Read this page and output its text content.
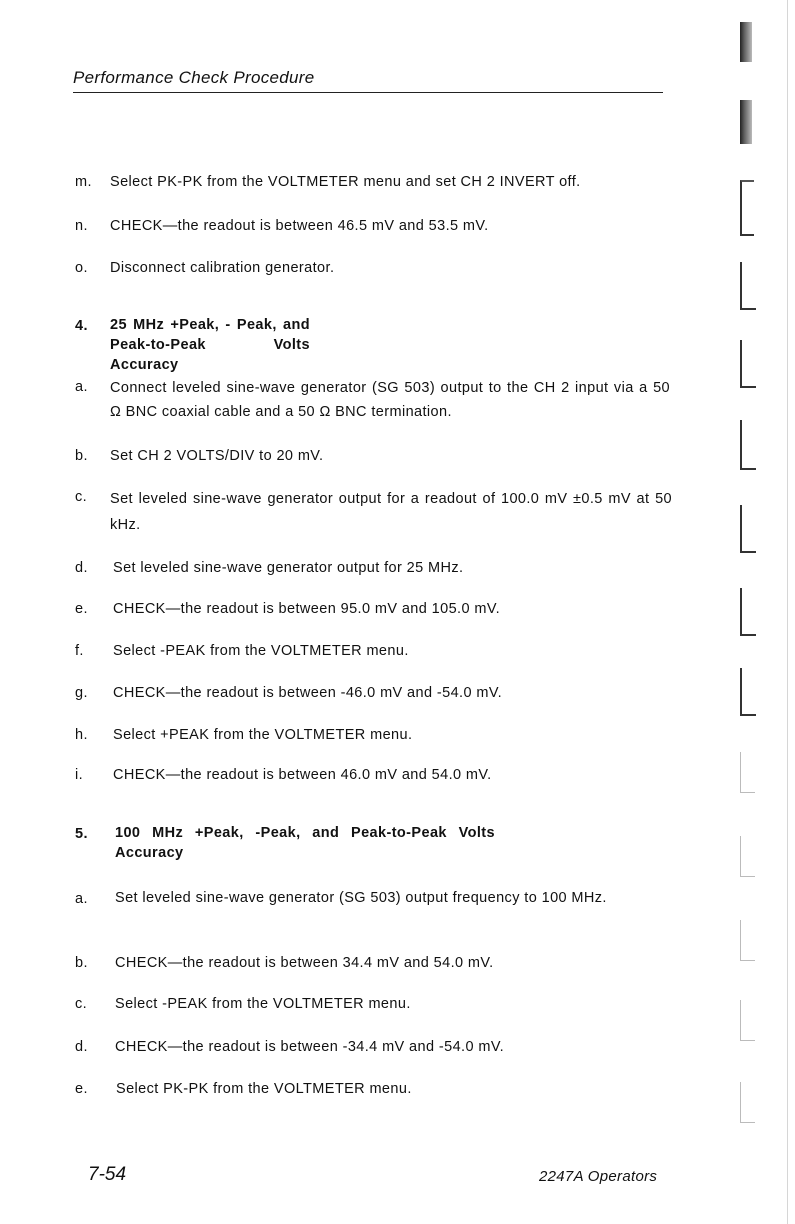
Performance Check Procedure
m.	Select PK-PK from the VOLTMETER menu and set CH 2 INVERT off.
n.	CHECK—the readout is between 46.5 mV and 53.5 mV.
o.	Disconnect calibration generator.
4.	25 MHz +Peak, - Peak, and Peak-to-Peak Volts Accuracy
a.	Connect leveled sine-wave generator (SG 503) output to the CH 2 input via a 50 Ω BNC coaxial cable and a 50 Ω BNC termination.
b.	Set CH 2 VOLTS/DIV to 20 mV.
c.	Set leveled sine-wave generator output for a readout of 100.0 mV ±0.5 mV at 50 kHz.
d.	Set leveled sine-wave generator output for 25 MHz.
e.	CHECK—the readout is between 95.0 mV and 105.0 mV.
f.	Select -PEAK from the VOLTMETER menu.
g.	CHECK—the readout is between -46.0 mV and -54.0 mV.
h.	Select +PEAK from the VOLTMETER menu.
i.	CHECK—the readout is between 46.0 mV and 54.0 mV.
5.	100 MHz +Peak, -Peak, and Peak-to-Peak Volts Accuracy
a.	Set leveled sine-wave generator (SG 503) output frequency to 100 MHz.
b.	CHECK—the readout is between 34.4 mV and 54.0 mV.
c.	Select -PEAK from the VOLTMETER menu.
d.	CHECK—the readout is between -34.4 mV and -54.0 mV.
e.	Select PK-PK from the VOLTMETER menu.
7-54	2247A Operators
